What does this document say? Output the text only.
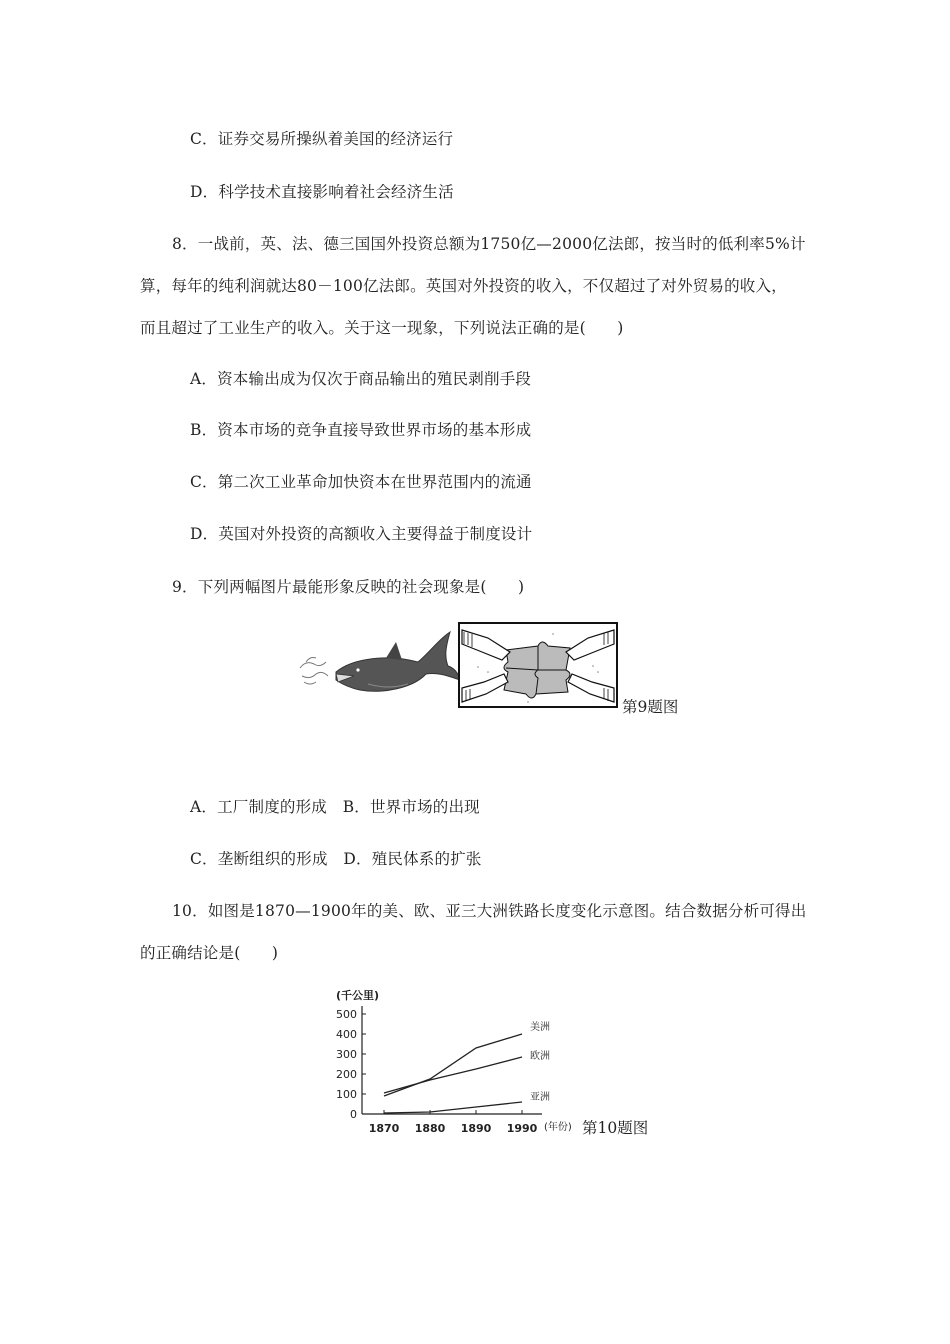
C．证券交易所操纵着美国的经济运行
D．科学技术直接影响着社会经济生活
8．一战前，英、法、德三国国外投资总额为1750亿—2000亿法郎，按当时的低利率5%计
算，每年的纯利润就达80－100亿法郎。英国对外投资的收入，不仅超过了对外贸易的收入，
而且超过了工业生产的收入。关于这一现象，下列说法正确的是(　　)
A．资本输出成为仅次于商品输出的殖民剥削手段
B．资本市场的竞争直接导致世界市场的基本形成
C．第二次工业革命加快资本在世界范围内的流通
D．英国对外投资的高额收入主要得益于制度设计
9．下列两幅图片最能形象反映的社会现象是(　　)
第9题图
A．工厂制度的形成　B．世界市场的出现
C．垄断组织的形成　D．殖民体系的扩张
10．如图是1870—1900年的美、欧、亚三大洲铁路长度变化示意图。结合数据分析可得出
的正确结论是(　　)
(千公里)
0
100
200
300
400
500
1870 1880 1890 1990
美洲
欧洲
亚洲
(年份) 第10题图
